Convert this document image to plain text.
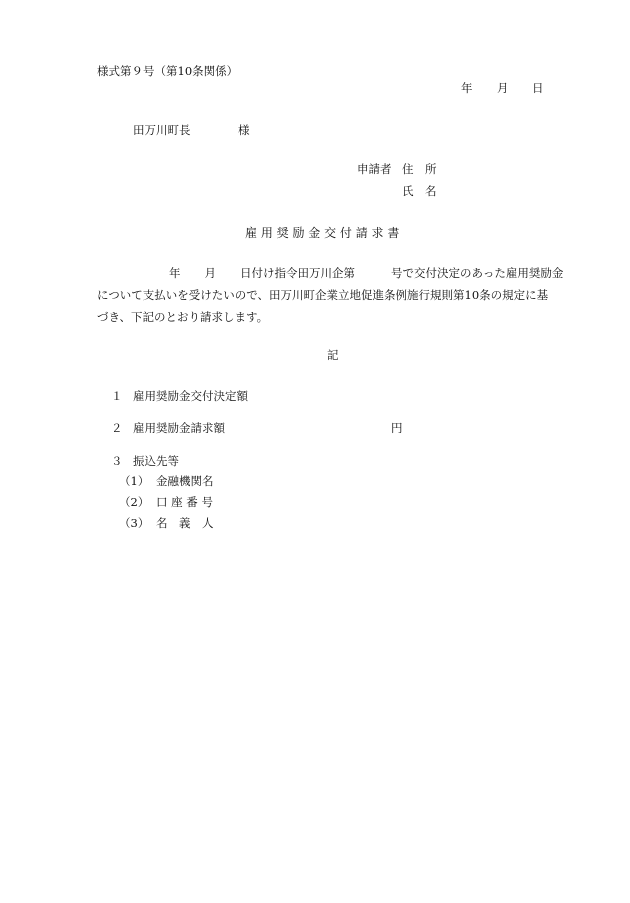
様式第９号（第10条関係）
年 月 日
田万川町長	様
申請者 住　所
氏　名
雇 用 奨 励 金 交 付 請 求 書
年 月 日付け指令田万川企第	号で交付決定のあった雇用奨励金
について支払いを受けたいので、田万川町企業立地促進条例施行規則第10条の規定に基
づき、下記のとおり請求します。
記
１ 雇用奨励金交付決定額
２ 雇用奨励金請求額	円
３ 振込先等
（1） 金融機関名
（2） 口 座 番 号
（3） 名　義　人
